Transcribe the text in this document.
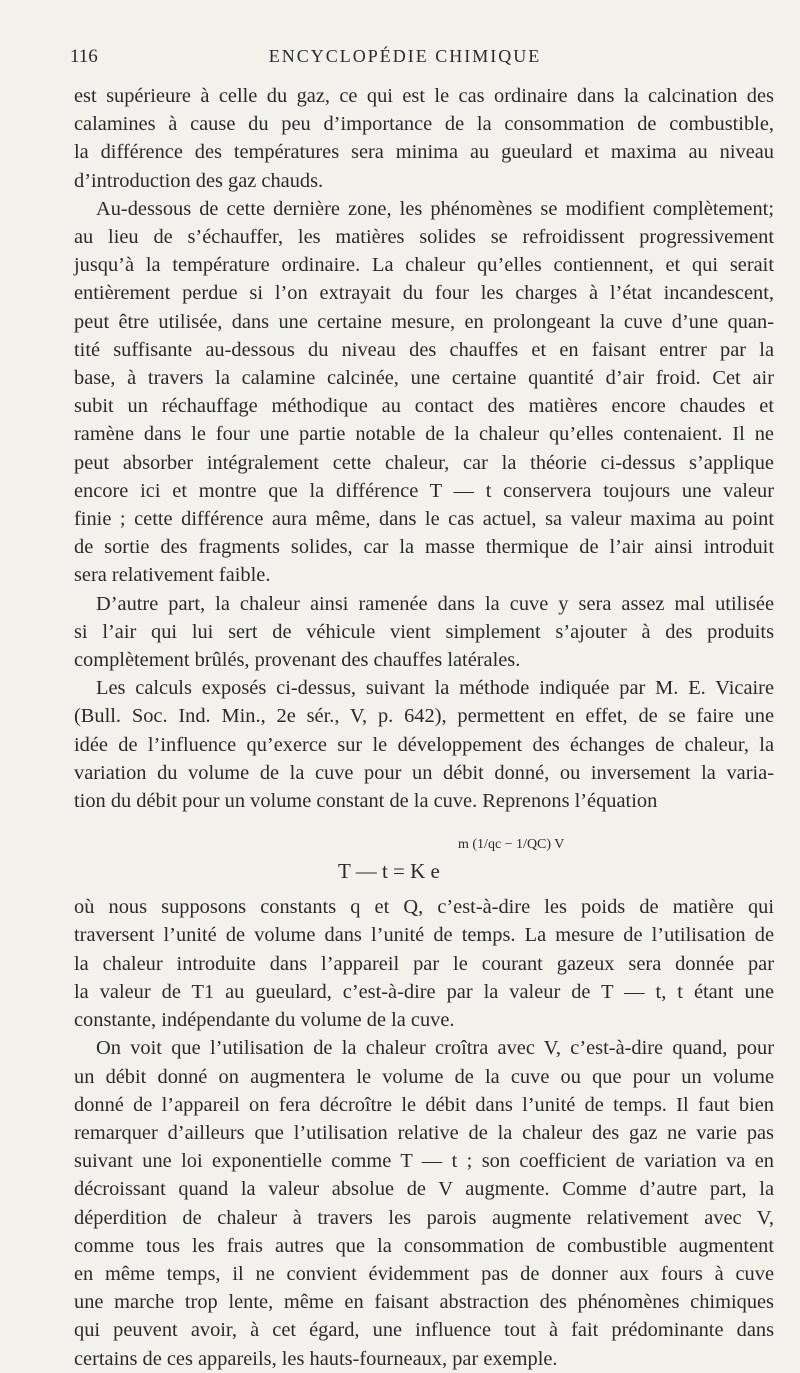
116	ENCYCLOPÉDIE CHIMIQUE

est supérieure à celle du gaz, ce qui est le cas ordinaire dans la calcination des
calamines à cause du peu d’importance de la consommation de combustible,
la différence des températures sera minima au gueulard et maxima au niveau
d’introduction des gaz chauds.

Au-dessous de cette dernière zone, les phénomènes se modifient complètement;
au lieu de s’échauffer, les matières solides se refroidissent progressivement
jusqu’à la température ordinaire. La chaleur qu’elles contiennent, et qui serait
entièrement perdue si l’on extrayait du four les charges à l’état incandescent,
peut être utilisée, dans une certaine mesure, en prolongeant la cuve d’une quan-
tité suffisante au-dessous du niveau des chauffes et en faisant entrer par la
base, à travers la calamine calcinée, une certaine quantité d’air froid. Cet air
subit un réchauffage méthodique au contact des matières encore chaudes et
ramène dans le four une partie notable de la chaleur qu’elles contenaient. Il ne
peut absorber intégralement cette chaleur, car la théorie ci-dessus s’applique
encore ici et montre que la différence T — t conservera toujours une valeur
finie ; cette différence aura même, dans le cas actuel, sa valeur maxima au point
de sortie des fragments solides, car la masse thermique de l’air ainsi introduit
sera relativement faible.

D’autre part, la chaleur ainsi ramenée dans la cuve y sera assez mal utilisée
si l’air qui lui sert de véhicule vient simplement s’ajouter à des produits
complètement brûlés, provenant des chauffes latérales.

Les calculs exposés ci-dessus, suivant la méthode indiquée par M. E. Vicaire
(Bull. Soc. Ind. Min., 2e sér., V, p. 642), permettent en effet, de se faire une
idée de l’influence qu’exerce sur le développement des échanges de chaleur, la
variation du volume de la cuve pour un débit donné, ou inversement la varia-
tion du débit pour un volume constant de la cuve. Reprenons l’équation

T — t = K e
m (1/qc − 1/QC) V

où nous supposons constants q et Q, c’est-à-dire les poids de matière qui
traversent l’unité de volume dans l’unité de temps. La mesure de l’utilisation de
la chaleur introduite dans l’appareil par le courant gazeux sera donnée par
la valeur de T1 au gueulard, c’est-à-dire par la valeur de T — t, t étant une
constante, indépendante du volume de la cuve.

On voit que l’utilisation de la chaleur croîtra avec V, c’est-à-dire quand, pour
un débit donné on augmentera le volume de la cuve ou que pour un volume
donné de l’appareil on fera décroître le débit dans l’unité de temps. Il faut bien
remarquer d’ailleurs que l’utilisation relative de la chaleur des gaz ne varie pas
suivant une loi exponentielle comme T — t ; son coefficient de variation va en
décroissant quand la valeur absolue de V augmente. Comme d’autre part, la
déperdition de chaleur à travers les parois augmente relativement avec V,
comme tous les frais autres que la consommation de combustible augmentent
en même temps, il ne convient évidemment pas de donner aux fours à cuve
une marche trop lente, même en faisant abstraction des phénomènes chimiques
qui peuvent avoir, à cet égard, une influence tout à fait prédominante dans
certains de ces appareils, les hauts-fourneaux, par exemple.
